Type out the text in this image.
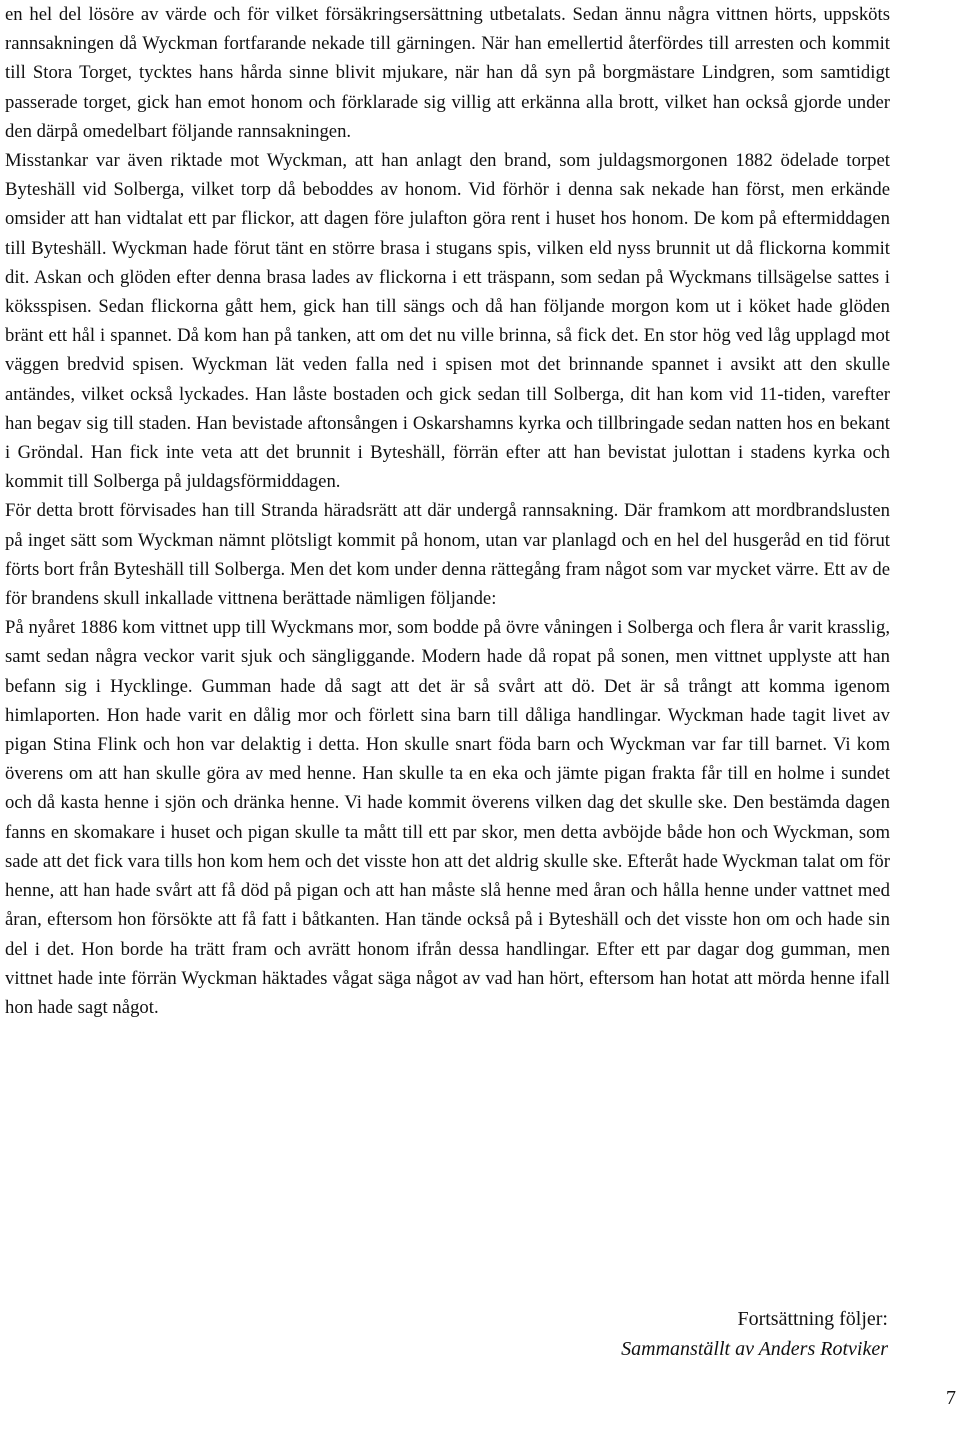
en hel del lösöre av värde och för vilket försäkringsersättning utbetalats. Sedan ännu några vittnen hörts, uppsköts rannsakningen då Wyckman fortfarande nekade till gärningen. När han emellertid återfördes till arresten och kommit till Stora Torget, tycktes hans hårda sinne blivit mjukare, när han då syn på borgmästare Lindgren, som samtidigt passerade torget, gick han emot honom och förklarade sig villig att erkänna alla brott, vilket han också gjorde under den därpå omedelbart följande rannsakningen.

Misstankar var även riktade mot Wyckman, att han anlagt den brand, som juldagsmorgonen 1882 ödelade torpet Byteshäll vid Solberga, vilket torp då beboddes av honom. Vid förhör i denna sak nekade han först, men erkände omsider att han vidtalat ett par flickor, att dagen före julafton göra rent i huset hos honom. De kom på eftermiddagen till Byteshäll. Wyckman hade förut tänt en större brasa i stugans spis, vilken eld nyss brunnit ut då flickorna kommit dit. Askan och glöden efter denna brasa lades av flickorna i ett träspann, som sedan på Wyckmans tillsägelse sattes i köksspisen. Sedan flickorna gått hem, gick han till sängs och då han följande morgon kom ut i köket hade glöden bränt ett hål i spannet. Då kom han på tanken, att om det nu ville brinna, så fick det. En stor hög ved låg upplagd mot väggen bredvid spisen. Wyckman lät veden falla ned i spisen mot det brinnande spannet i avsikt att den skulle antändes, vilket också lyckades. Han låste bostaden och gick sedan till Solberga, dit han kom vid 11-tiden, varefter han begav sig till staden. Han bevistade aftonsången i Oskarshamns kyrka och tillbringade sedan natten hos en bekant i Gröndal. Han fick inte veta att det brunnit i Byteshäll, förrän efter att han bevistat julottan i stadens kyrka och kommit till Solberga på juldagsförmiddagen.

För detta brott förvisades han till Stranda häradsrätt att där undergå rannsakning. Där framkom att mordbrandslusten på inget sätt som Wyckman nämnt plötsligt kommit på honom, utan var planlagd och en hel del husgeråd en tid förut förts bort från Byteshäll till Solberga. Men det kom under denna rättegång fram något som var mycket värre. Ett av de för brandens skull inkallade vittnena berättade nämligen följande:

På nyåret 1886 kom vittnet upp till Wyckmans mor, som bodde på övre våningen i Solberga och flera år varit krasslig, samt sedan några veckor varit sjuk och sängliggande. Modern hade då ropat på sonen, men vittnet upplyste att han befann sig i Hycklinge. Gumman hade då sagt att det är så svårt att dö. Det är så trångt att komma igenom himlaporten. Hon hade varit en dålig mor och förlett sina barn till dåliga handlingar. Wyckman hade tagit livet av pigan Stina Flink och hon var delaktig i detta. Hon skulle snart föda barn och Wyckman var far till barnet. Vi kom överens om att han skulle göra av med henne. Han skulle ta en eka och jämte pigan frakta får till en holme i sundet och då kasta henne i sjön och dränka henne. Vi hade kommit överens vilken dag det skulle ske. Den bestämda dagen fanns en skomakare i huset och pigan skulle ta mått till ett par skor, men detta avböjde både hon och Wyckman, som sade att det fick vara tills hon kom hem och det visste hon att det aldrig skulle ske. Efteråt hade Wyckman talat om för henne, att han hade svårt att få död på pigan och att han måste slå henne med åran och hålla henne under vattnet med åran, eftersom hon försökte att få fatt i båtkanten. Han tände också på i Byteshäll och det visste hon om och hade sin del i det. Hon borde ha trätt fram och avrätt honom ifrån dessa handlingar. Efter ett par dagar dog gumman, men vittnet hade inte förrän Wyckman häktades vågat säga något av vad han hört, eftersom han hotat att mörda henne ifall hon hade sagt något.

Fortsättning följer:
Sammanställt av Anders Rotviker
7
